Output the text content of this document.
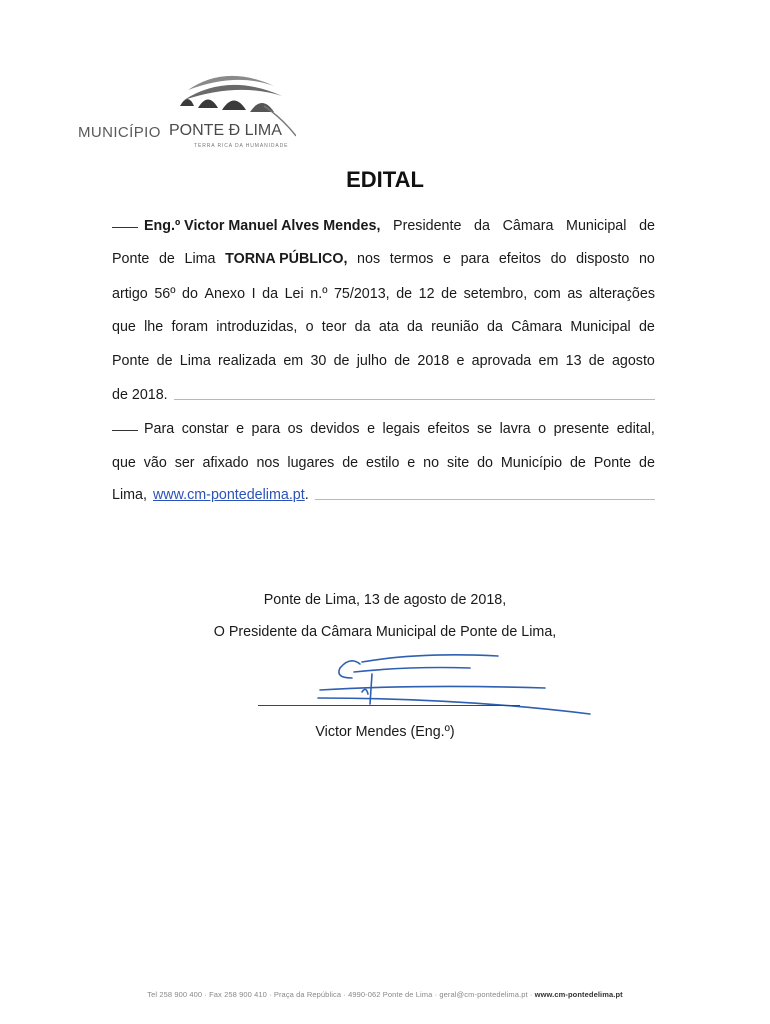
MUNICÍPIO PONTE Ð LIMA
TERRA RICA DA HUMANIDADE
EDITAL
Eng.º Victor Manuel Alves Mendes, Presidente da Câmara Municipal de
Ponte de Lima TORNA PÚBLICO, nos termos e para efeitos do disposto no
artigo 56º do Anexo I da Lei n.º 75/2013, de 12 de setembro, com as alterações
que lhe foram introduzidas, o teor da ata da reunião da Câmara Municipal de
Ponte de Lima realizada em 30 de julho de 2018 e aprovada em 13 de agosto
de 2018.
Para constar e para os devidos e legais efeitos se lavra o presente edital,
que vão ser afixado nos lugares de estilo e no site do Município de Ponte de
Lima, www.cm-pontedelima.pt .
Ponte de Lima, 13 de agosto de 2018,
O Presidente da Câmara Municipal de Ponte de Lima,
Victor Mendes (Eng.º)
Tel 258 900 400 · Fax 258 900 410 · Praça da República · 4990-062 Ponte de Lima · geral@cm-pontedelima.pt · www.cm-pontedelima.pt
